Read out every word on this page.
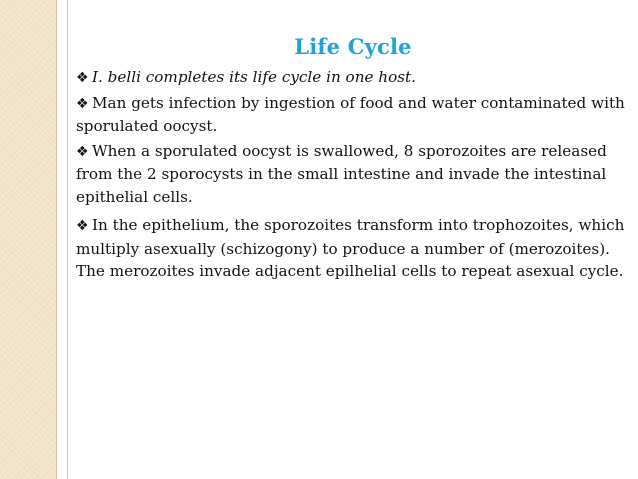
Life Cycle
❖ I. belli completes its life cycle in one host.
❖ Man gets infection by ingestion of food and water contaminated with sporulated oocyst.
❖ When a sporulated oocyst is swallowed, 8 sporozoites are released from the 2 sporocysts in the small intestine and invade the intestinal epithelial cells.
❖ In the epithelium, the sporozoites transform into trophozoites, which multiply asexually (schizogony) to produce a number of (merozoites). The merozoites invade adjacent epilhelial cells to repeat asexual cycle.
